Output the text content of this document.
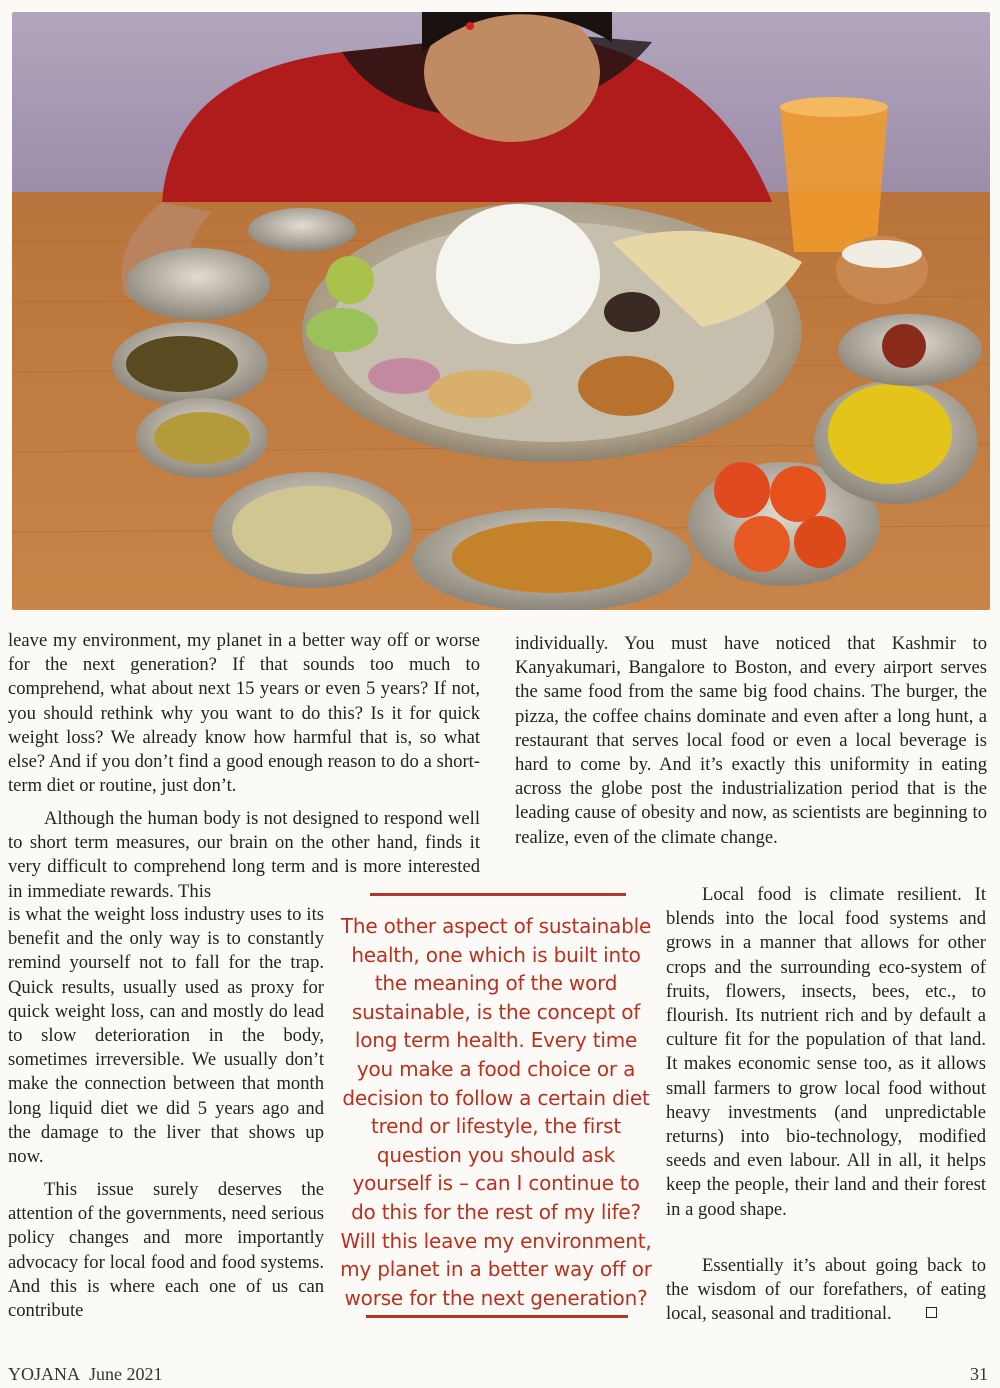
leave my environment, my planet in a better way off or worse for the next generation? If that sounds too much to comprehend, what about next 15 years or even 5 years? If not, you should rethink why you want to do this? Is it for quick weight loss? We already know how harmful that is, so what else? And if you don’t find a good enough reason to do a short-term diet or routine, just don’t.

Although the human body is not designed to respond well to short term measures, our brain on the other hand, finds it very difficult to comprehend long term and is more interested in immediate rewards. This

is what the weight loss industry uses to its benefit and the only way is to constantly remind yourself not to fall for the trap. Quick results, usually used as proxy for quick weight loss, can and mostly do lead to slow deterioration in the body, sometimes irreversible. We usually don’t make the connection between that month long liquid diet we did 5 years ago and the damage to the liver that shows up now.

This issue surely deserves the attention of the governments, need serious policy changes and more importantly advocacy for local food and food systems. And this is where each one of us can contribute

The other aspect of sustainable health, one which is built into the meaning of the word sustainable, is the concept of long term health. Every time you make a food choice or a decision to follow a certain diet trend or lifestyle, the first question you should ask yourself is – can I continue to do this for the rest of my life? Will this leave my environment, my planet in a better way off or worse for the next generation?

individually. You must have noticed that Kashmir to Kanyakumari, Bangalore to Boston, and every airport serves the same food from the same big food chains. The burger, the pizza, the coffee chains dominate and even after a long hunt, a restaurant that serves local food or even a local beverage is hard to come by. And it’s exactly this uniformity in eating across the globe post the industrialization period that is the leading cause of obesity and now, as scientists are beginning to realize, even of the climate change.

Local food is climate resilient. It blends into the local food systems and grows in a manner that allows for other crops and the surrounding eco-system of fruits, flowers, insects, bees, etc., to flourish. Its nutrient rich and by default a culture fit for the population of that land. It makes economic sense too, as it allows small farmers to grow local food without heavy investments (and unpredictable returns) into bio-technology, modified seeds and even labour. All in all, it helps keep the people, their land and their forest in a good shape.

Essentially it’s about going back to the wisdom of our forefathers, of eating local, seasonal and traditional.

YOJANA June 2021	31
